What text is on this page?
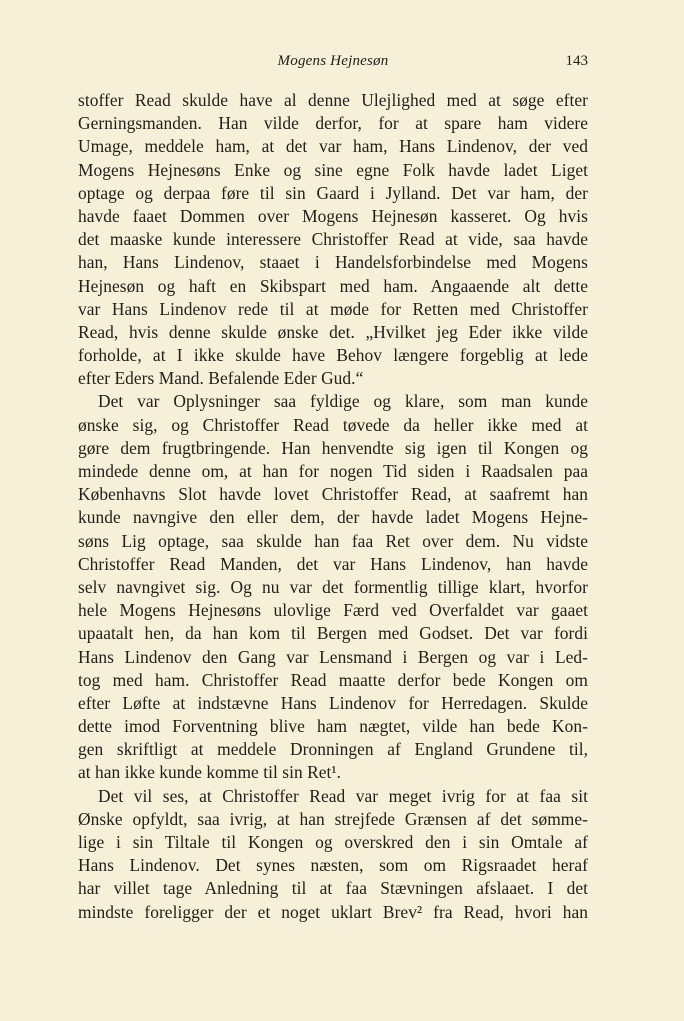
Mogens Hejnesøn	143
stoffer Read skulde have al denne Ulejlighed med at søge efter
Gerningsmanden. Han vilde derfor, for at spare ham videre
Umage, meddele ham, at det var ham, Hans Lindenov, der ved
Mogens Hejnesøns Enke og sine egne Folk havde ladet Liget
optage og derpaa føre til sin Gaard i Jylland. Det var ham, der
havde faaet Dommen over Mogens Hejnesøn kasseret. Og hvis
det maaske kunde interessere Christoffer Read at vide, saa havde
han, Hans Lindenov, staaet i Handelsforbindelse med Mogens
Hejnesøn og haft en Skibspart med ham. Angaaende alt dette
var Hans Lindenov rede til at møde for Retten med Christoffer
Read, hvis denne skulde ønske det. „Hvilket jeg Eder ikke vilde
forholde, at I ikke skulde have Behov længere forgeblig at lede
efter Eders Mand. Befalende Eder Gud.“
Det var Oplysninger saa fyldige og klare, som man kunde
ønske sig, og Christoffer Read tøvede da heller ikke med at
gøre dem frugtbringende. Han henvendte sig igen til Kongen og
mindede denne om, at han for nogen Tid siden i Raadsalen paa
Københavns Slot havde lovet Christoffer Read, at saafremt han
kunde navngive den eller dem, der havde ladet Mogens Hejne-
søns Lig optage, saa skulde han faa Ret over dem. Nu vidste
Christoffer Read Manden, det var Hans Lindenov, han havde
selv navngivet sig. Og nu var det formentlig tillige klart, hvorfor
hele Mogens Hejnesøns ulovlige Færd ved Overfaldet var gaaet
upaatalt hen, da han kom til Bergen med Godset. Det var fordi
Hans Lindenov den Gang var Lensmand i Bergen og var i Led-
tog med ham. Christoffer Read maatte derfor bede Kongen om
efter Løfte at indstævne Hans Lindenov for Herredagen. Skulde
dette imod Forventning blive ham nægtet, vilde han bede Kon-
gen skriftligt at meddele Dronningen af England Grundene til,
at han ikke kunde komme til sin Ret¹.
Det vil ses, at Christoffer Read var meget ivrig for at faa sit
Ønske opfyldt, saa ivrig, at han strejfede Grænsen af det sømme-
lige i sin Tiltale til Kongen og overskred den i sin Omtale af
Hans Lindenov. Det synes næsten, som om Rigsraadet heraf
har villet tage Anledning til at faa Stævningen afslaaet. I det
mindste foreligger der et noget uklart Brev² fra Read, hvori han
